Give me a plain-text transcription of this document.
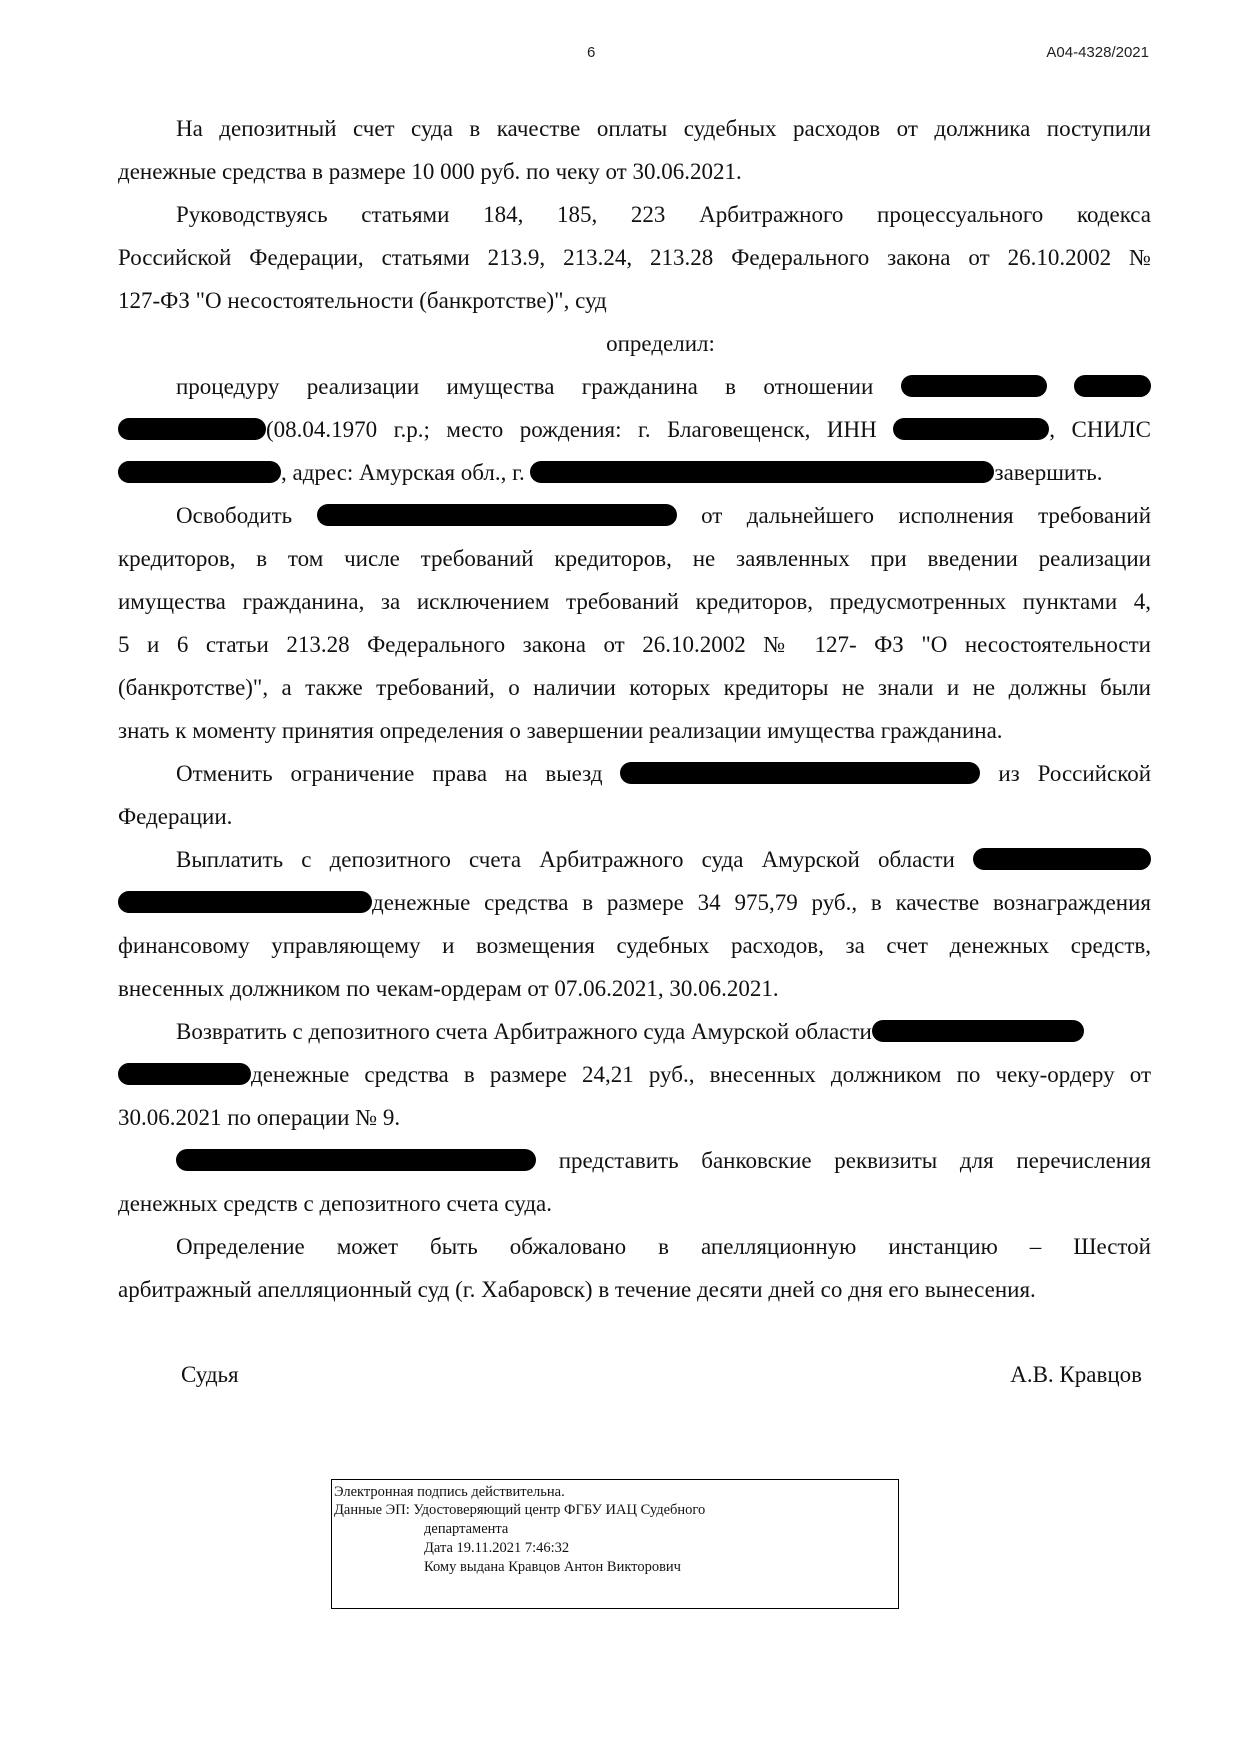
6	А04-4328/2021
На депозитный счет суда в качестве оплаты судебных расходов от должника поступили
денежные средства в размере 10 000 руб. по чеку от 30.06.2021.
Руководствуясь статьями 184, 185, 223 Арбитражного процессуального кодекса
Российской Федерации, статьями 213.9, 213.24, 213.28 Федерального закона от 26.10.2002 №
127-ФЗ "О несостоятельности (банкротстве)", суд
определил:
процедуру реализации имущества гражданина в отношении
(08.04.1970 г.р.; место рождения: г. Благовещенск, ИНН	, СНИЛС
, адрес: Амурская обл., г.	завершить.
Освободить	от дальнейшего исполнения требований
кредиторов, в том числе требований кредиторов, не заявленных при введении реализации
имущества гражданина, за исключением требований кредиторов, предусмотренных пунктами 4,
5 и 6 статьи 213.28 Федерального закона от 26.10.2002 № 127- ФЗ "О несостоятельности
(банкротстве)", а также требований, о наличии которых кредиторы не знали и не должны были
знать к моменту принятия определения о завершении реализации имущества гражданина.
Отменить ограничение права на выезд	из Российской
Федерации.
Выплатить с депозитного счета Арбитражного суда Амурской области
денежные средства в размере 34 975,79 руб., в качестве вознаграждения
финансовому управляющему и возмещения судебных расходов, за счет денежных средств,
внесенных должником по чекам-ордерам от 07.06.2021, 30.06.2021.
Возвратить с депозитного счета Арбитражного суда Амурской области
денежные средства в размере 24,21 руб., внесенных должником по чеку-ордеру от
30.06.2021 по операции № 9.
представить банковские реквизиты для перечисления
денежных средств с депозитного счета суда.
Определение может быть обжаловано в апелляционную инстанцию – Шестой
арбитражный апелляционный суд (г. Хабаровск) в течение десяти дней со дня его вынесения.
Судья	А.В. Кравцов
Электронная подпись действительна.
Данные ЭП: Удостоверяющий центр ФГБУ ИАЦ Судебного
департамента
Дата 19.11.2021 7:46:32
Кому выдана Кравцов Антон Викторович
